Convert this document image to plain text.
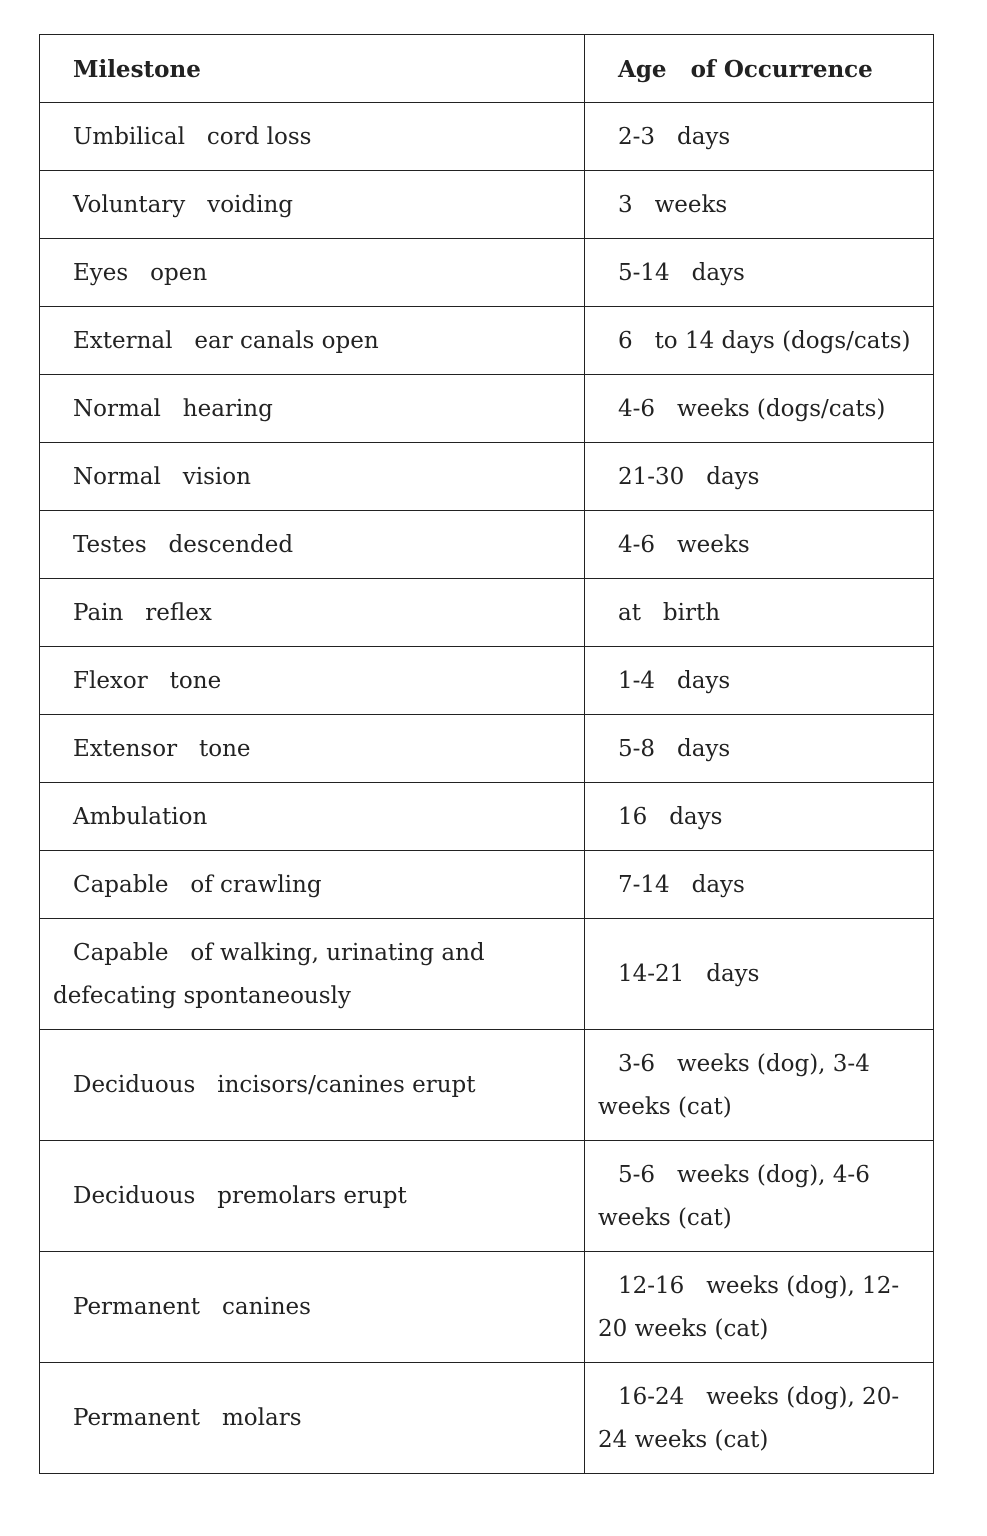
Milestone	Age   of Occurrence
Umbilical   cord loss	2-3   days
Voluntary   voiding	3   weeks
Eyes   open	5-14   days
External   ear canals open	6   to 14 days (dogs/cats)
Normal   hearing	4-6   weeks (dogs/cats)
Normal   vision	21-30   days
Testes   descended	4-6   weeks
Pain   reflex	at   birth
Flexor   tone	1-4   days
Extensor   tone	5-8   days
Ambulation	16   days
Capable   of crawling	7-14   days
Capable   of walking, urinating and defecating spontaneously	14-21   days
Deciduous   incisors/canines erupt	3-6   weeks (dog), 3-4 weeks (cat)
Deciduous   premolars erupt	5-6   weeks (dog), 4-6 weeks (cat)
Permanent   canines	12-16   weeks (dog), 12-20 weeks (cat)
Permanent   molars	16-24   weeks (dog), 20-24 weeks (cat)
